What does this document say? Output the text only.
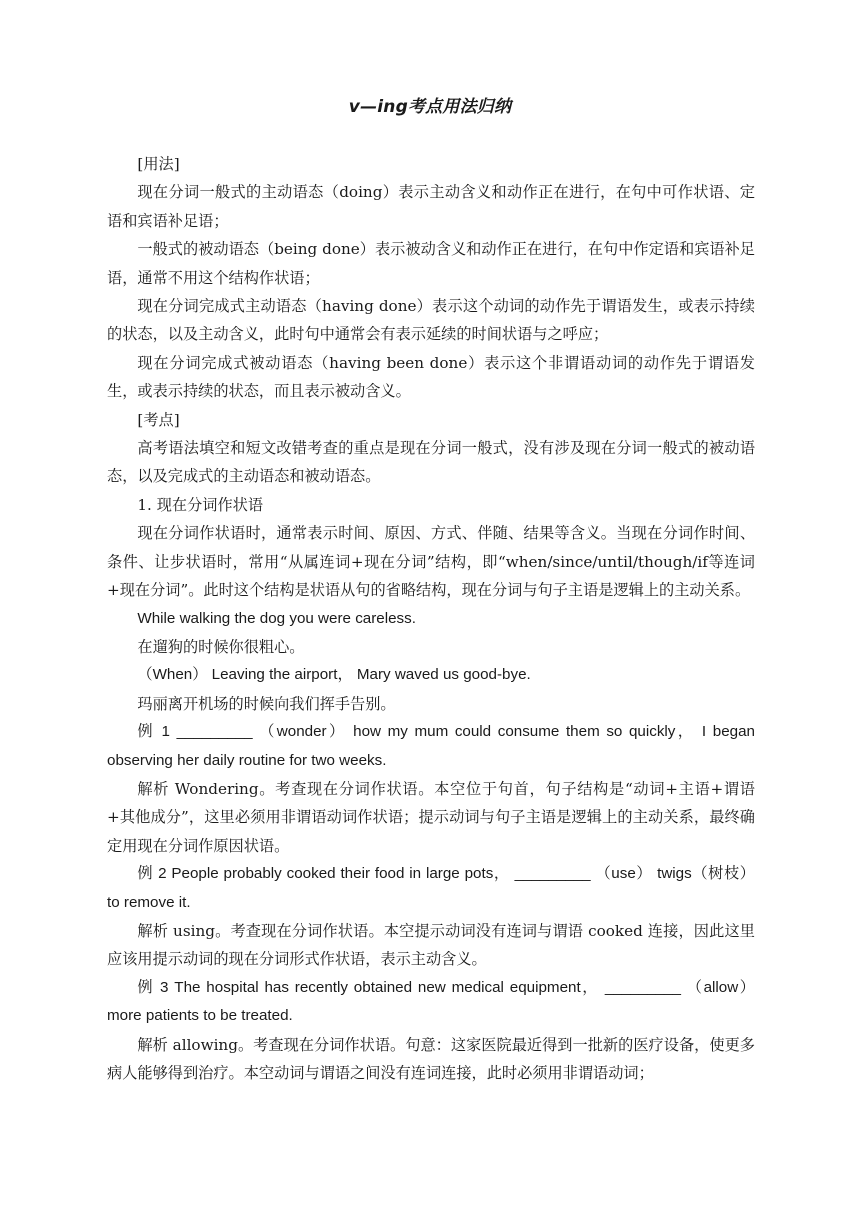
v—ing考点用法归纳

[用法]

现在分词一般式的主动语态（doing）表示主动含义和动作正在进行，在句中可作状语、定语和宾语补足语；

一般式的被动语态（being done）表示被动含义和动作正在进行，在句中作定语和宾语补足语，通常不用这个结构作状语；

现在分词完成式主动语态（having done）表示这个动词的动作先于谓语发生，或表示持续的状态，以及主动含义，此时句中通常会有表示延续的时间状语与之呼应；

现在分词完成式被动语态（having been done）表示这个非谓语动词的动作先于谓语发生，或表示持续的状态，而且表示被动含义。

[考点]

高考语法填空和短文改错考查的重点是现在分词一般式，没有涉及现在分词一般式的被动语态，以及完成式的主动语态和被动语态。

1. 现在分词作状语

现在分词作状语时，通常表示时间、原因、方式、伴随、结果等含义。当现在分词作时间、条件、让步状语时，常用“从属连词+现在分词”结构，即“when/since/until/though/if等连词+现在分词”。此时这个结构是状语从句的省略结构，现在分词与句子主语是逻辑上的主动关系。

While walking the dog you were careless.

在遛狗的时候你很粗心。

（When） Leaving the airport， Mary waved us good-bye.

玛丽离开机场的时候向我们挥手告别。

例 1 _________ （wonder） how my mum could consume them so quickly， I began observing her daily routine for two weeks.

解析 Wondering。考查现在分词作状语。本空位于句首，句子结构是“动词+主语+谓语+其他成分”，这里必须用非谓语动词作状语；提示动词与句子主语是逻辑上的主动关系，最终确定用现在分词作原因状语。

例 2 People probably cooked their food in large pots， _________ （use） twigs（树枝） to remove it.

解析 using。考查现在分词作状语。本空提示动词没有连词与谓语 cooked 连接，因此这里应该用提示动词的现在分词形式作状语，表示主动含义。

例 3 The hospital has recently obtained new medical equipment， _________ （allow） more patients to be treated.

解析 allowing。考查现在分词作状语。句意：这家医院最近得到一批新的医疗设备，使更多病人能够得到治疗。本空动词与谓语之间没有连词连接，此时必须用非谓语动词；
